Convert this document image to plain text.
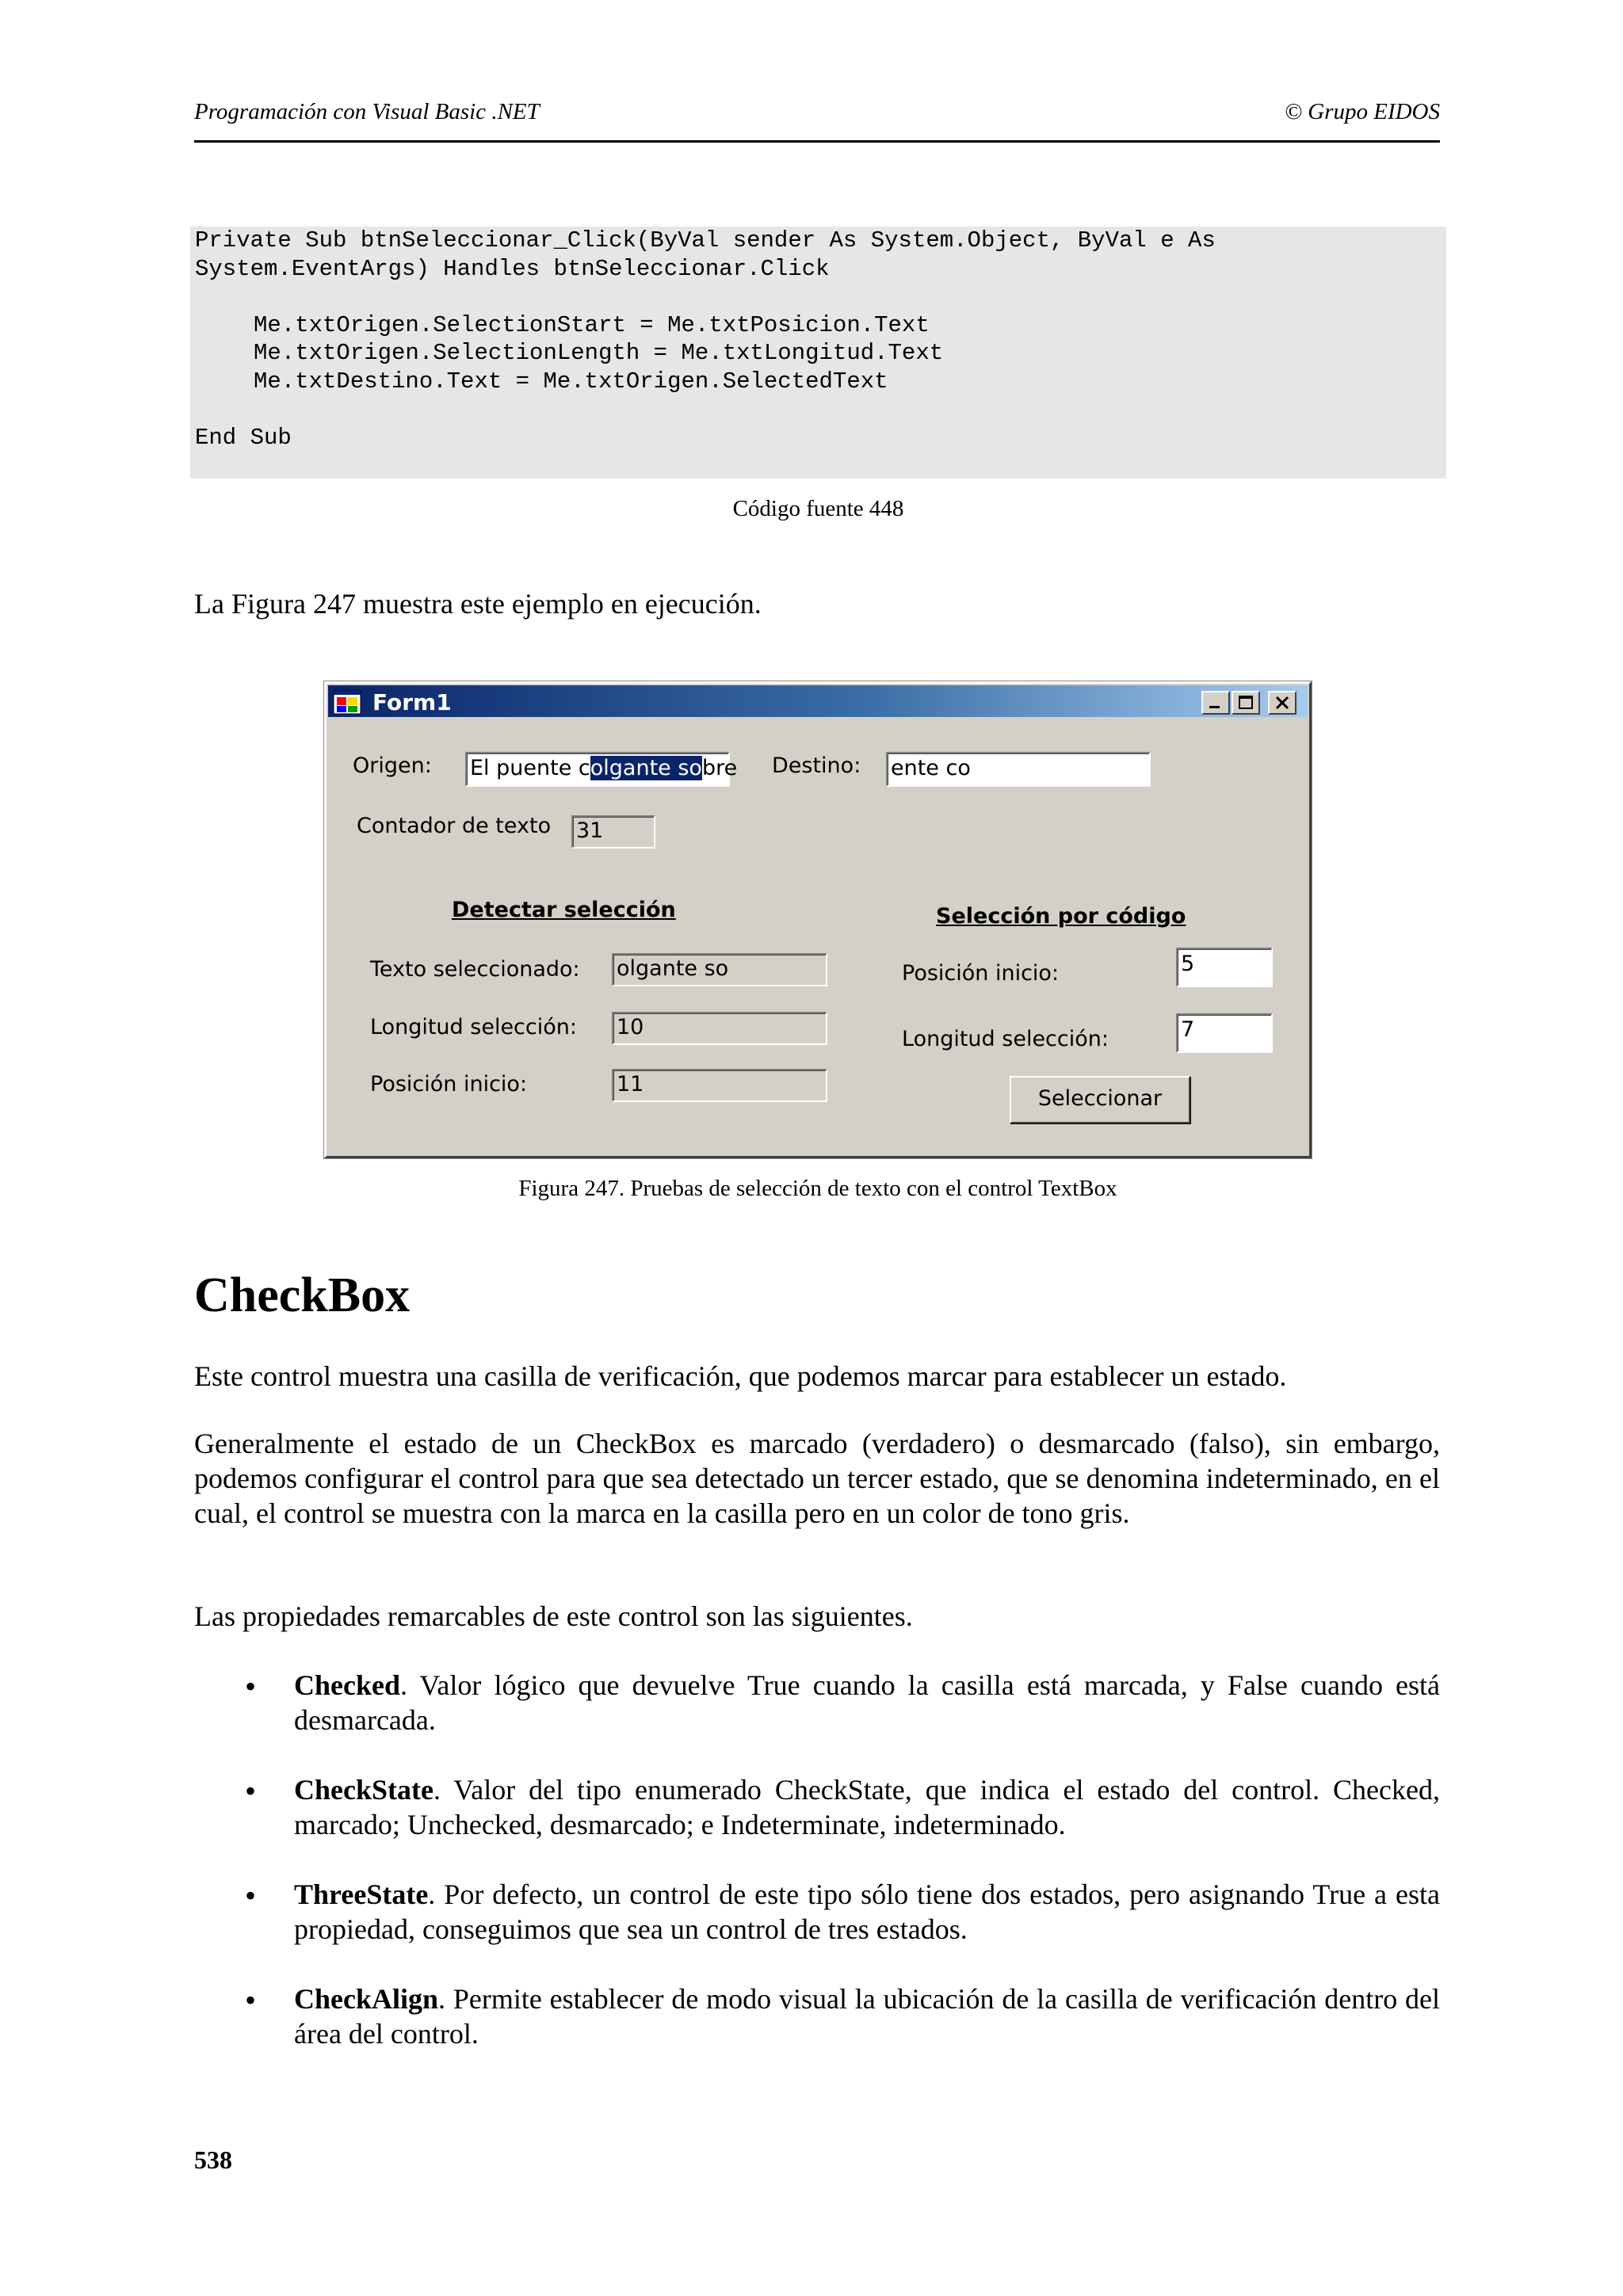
Programación con Visual Basic .NET	© Grupo EIDOS
Private Sub btnSeleccionar_Click(ByVal sender As System.Object, ByVal e As
System.EventArgs) Handles btnSeleccionar.Click
Me.txtOrigen.SelectionStart = Me.txtPosicion.Text
Me.txtOrigen.SelectionLength = Me.txtLongitud.Text
Me.txtDestino.Text = Me.txtOrigen.SelectedText
End Sub
Código fuente 448
La Figura 247 muestra este ejemplo en ejecución.
Form1
Origen: El puente colgante sobre Destino: ente co
Contador de texto 31
Detectar selección
Texto seleccionado: olgante so
Longitud selección: 10
Posición inicio:	11
Selección por código
Posición inicio:	5
Longitud selección:	7
Seleccionar
Figura 247. Pruebas de selección de texto con el control TextBox
CheckBox
Este control muestra una casilla de verificación, que podemos marcar para establecer un estado.
Generalmente el estado de un CheckBox es marcado (verdadero) o desmarcado (falso), sin embargo, podemos configurar el control para que sea detectado un tercer estado, que se denomina indeterminado, en el cual, el control se muestra con la marca en la casilla pero en un color de tono gris.
Las propiedades remarcables de este control son las siguientes.
• Checked. Valor lógico que devuelve True cuando la casilla está marcada, y False cuando está desmarcada.
• CheckState. Valor del tipo enumerado CheckState, que indica el estado del control. Checked, marcado; Unchecked, desmarcado; e Indeterminate, indeterminado.
• ThreeState. Por defecto, un control de este tipo sólo tiene dos estados, pero asignando True a esta propiedad, conseguimos que sea un control de tres estados.
• CheckAlign. Permite establecer de modo visual la ubicación de la casilla de verificación dentro del área del control.
538
